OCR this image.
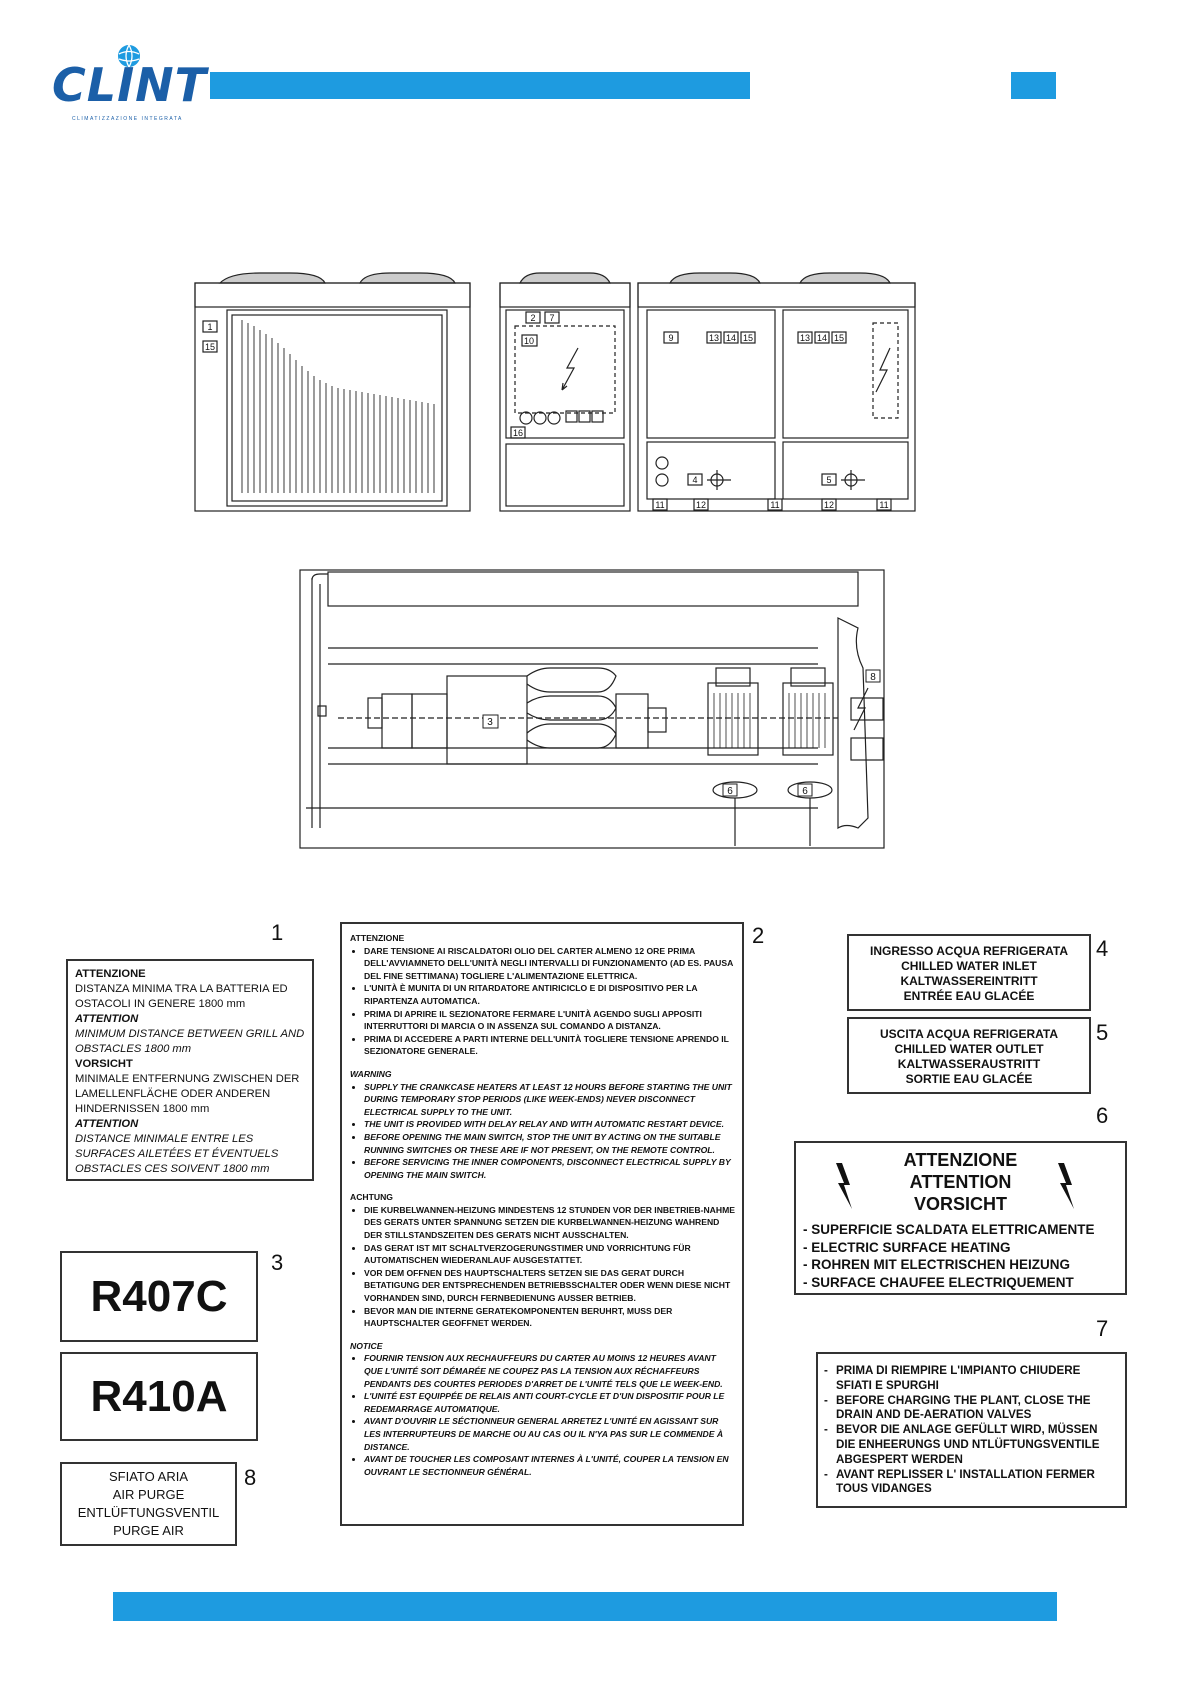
CLINT
CLIMATIZZAZIONE INTEGRATA
1
15
2 7
10
16
9	13 14 15
4
11	12	11
13 14 15
5
12	11
3
6	6
8
1
ATTENZIONE
DISTANZA MINIMA TRA LA BATTERIA ED OSTACOLI IN GENERE 1800 mm
ATTENTION
MINIMUM DISTANCE BETWEEN GRILL AND OBSTACLES 1800 mm
VORSICHT
MINIMALE ENTFERNUNG ZWISCHEN DER LAMELLENFLÄCHE ODER ANDEREN HINDERNISSEN 1800 mm
ATTENTION
DISTANCE MINIMALE ENTRE LES SURFACES AILETÉES ET ÉVENTUELS OBSTACLES CES SOIVENT 1800 mm
2
ATTENZIONE
• DARE TENSIONE AI RISCALDATORI OLIO DEL CARTER ALMENO 12 ORE PRIMA DELL'AVVIAMNETO DELL'UNITÀ NEGLI INTERVALLI DI FUNZIONAMENTO (AD ES. PAUSA DEL FINE SETTIMANA) TOGLIERE L'ALIMENTAZIONE ELETTRICA.
• L'UNITÀ È MUNITA DI UN RITARDATORE ANTIRICICLO E DI DISPOSITIVO PER LA RIPARTENZA AUTOMATICA.
• PRIMA DI APRIRE IL SEZIONATORE FERMARE L'UNITÀ AGENDO SUGLI APPOSITI INTERRUTTORI DI MARCIA O IN ASSENZA SUL COMANDO A DISTANZA.
• PRIMA DI ACCEDERE A PARTI INTERNE DELL'UNITÀ TOGLIERE TENSIONE APRENDO IL SEZIONATORE GENERALE.
WARNING
• SUPPLY THE CRANKCASE HEATERS AT LEAST 12 HOURS BEFORE STARTING THE UNIT DURING TEMPORARY STOP PERIODS (LIKE WEEK-ENDS) NEVER DISCONNECT ELECTRICAL SUPPLY TO THE UNIT.
• THE UNIT IS PROVIDED WITH DELAY RELAY AND WITH AUTOMATIC RESTART DEVICE.
• BEFORE OPENING THE MAIN SWITCH, STOP THE UNIT BY ACTING ON THE SUITABLE RUNNING SWITCHES OR THESE ARE IF NOT PRESENT, ON THE REMOTE CONTROL.
• BEFORE SERVICING THE INNER COMPONENTS, DISCONNECT ELECTRICAL SUPPLY BY OPENING THE MAIN SWITCH.
ACHTUNG
• DIE KURBELWANNEN-HEIZUNG MINDESTENS 12 STUNDEN VOR DER INBETRIEB-NAHME DES GERATS UNTER SPANNUNG SETZEN DIE KURBELWANNEN-HEIZUNG WAHREND DER STILLSTANDSZEITEN DES GERATS NICHT AUSSCHALTEN.
• DAS GERAT IST MIT SCHALTVERZOGERUNGSTIMER UND VORRICHTUNG FÜR AUTOMATISCHEN WIEDERANLAUF AUSGESTATTET.
• VOR DEM OFFNEN DES HAUPTSCHALTERS SETZEN SIE DAS GERAT DURCH BETATIGUNG DER ENTSPRECHENDEN BETRIEBSSCHALTER ODER WENN DIESE NICHT VORHANDEN SIND, DURCH FERNBEDIENUNG AUSSER BETRIEB.
• BEVOR MAN DIE INTERNE GERATEKOMPONENTEN BERUHRT, MUSS DER HAUPTSCHALTER GEOFFNET WERDEN.
NOTICE
• FOURNIR TENSION AUX RECHAUFFEURS DU CARTER AU MOINS 12 HEURES AVANT QUE L'UNITÉ SOIT DÉMARÉE NE COUPEZ PAS LA TENSION AUX RÉCHAFFEURS PENDANTS DES COURTES PERIODES D'ARRET DE L'UNITÉ TELS QUE LE WEEK-END.
• L'UNITÉ EST EQUIPPÉE DE RELAIS ANTI COURT-CYCLE ET D'UN DISPOSITIF POUR LE REDEMARRAGE AUTOMATIQUE.
• AVANT D'OUVRIR LE SÉCTIONNEUR GENERAL ARRETEZ L'UNITÉ EN AGISSANT SUR LES INTERRUPTEURS DE MARCHE OU AU CAS OU IL N'YA PAS SUR LE COMMENDE À DISTANCE.
• AVANT DE TOUCHER LES COMPOSANT INTERNES À L'UNITÉ, COUPER LA TENSION EN OUVRANT LE SECTIONNEUR GÉNÉRAL.
3
R407C
R410A
8
SFIATO ARIA
AIR PURGE
ENTLÜFTUNGSVENTIL
PURGE AIR
4
INGRESSO ACQUA REFRIGERATA
CHILLED WATER INLET
KALTWASSEREINTRITT
ENTRÉE EAU GLACÉE
5
USCITA ACQUA REFRIGERATA
CHILLED WATER OUTLET
KALTWASSERAUSTRITT
SORTIE EAU GLACÉE
6
ATTENZIONE
ATTENTION
VORSICHT
- SUPERFICIE SCALDATA ELETTRICAMENTE
- ELECTRIC SURFACE HEATING
- ROHREN MIT ELECTRISCHEN HEIZUNG
- SURFACE CHAUFEE ELECTRIQUEMENT
7
- PRIMA DI RIEMPIRE L'IMPIANTO CHIUDERE SFIATI E SPURGHI
- BEFORE CHARGING THE PLANT, CLOSE THE DRAIN AND DE-AERATION VALVES
- BEVOR DIE ANLAGE GEFÜLLT WIRD, MÜSSEN DIE ENHEERUNGS UND NTLÜFTUNGSVENTILE ABGESPERT WERDEN
- AVANT REPLISSER L' INSTALLATION FERMER TOUS VIDANGES
